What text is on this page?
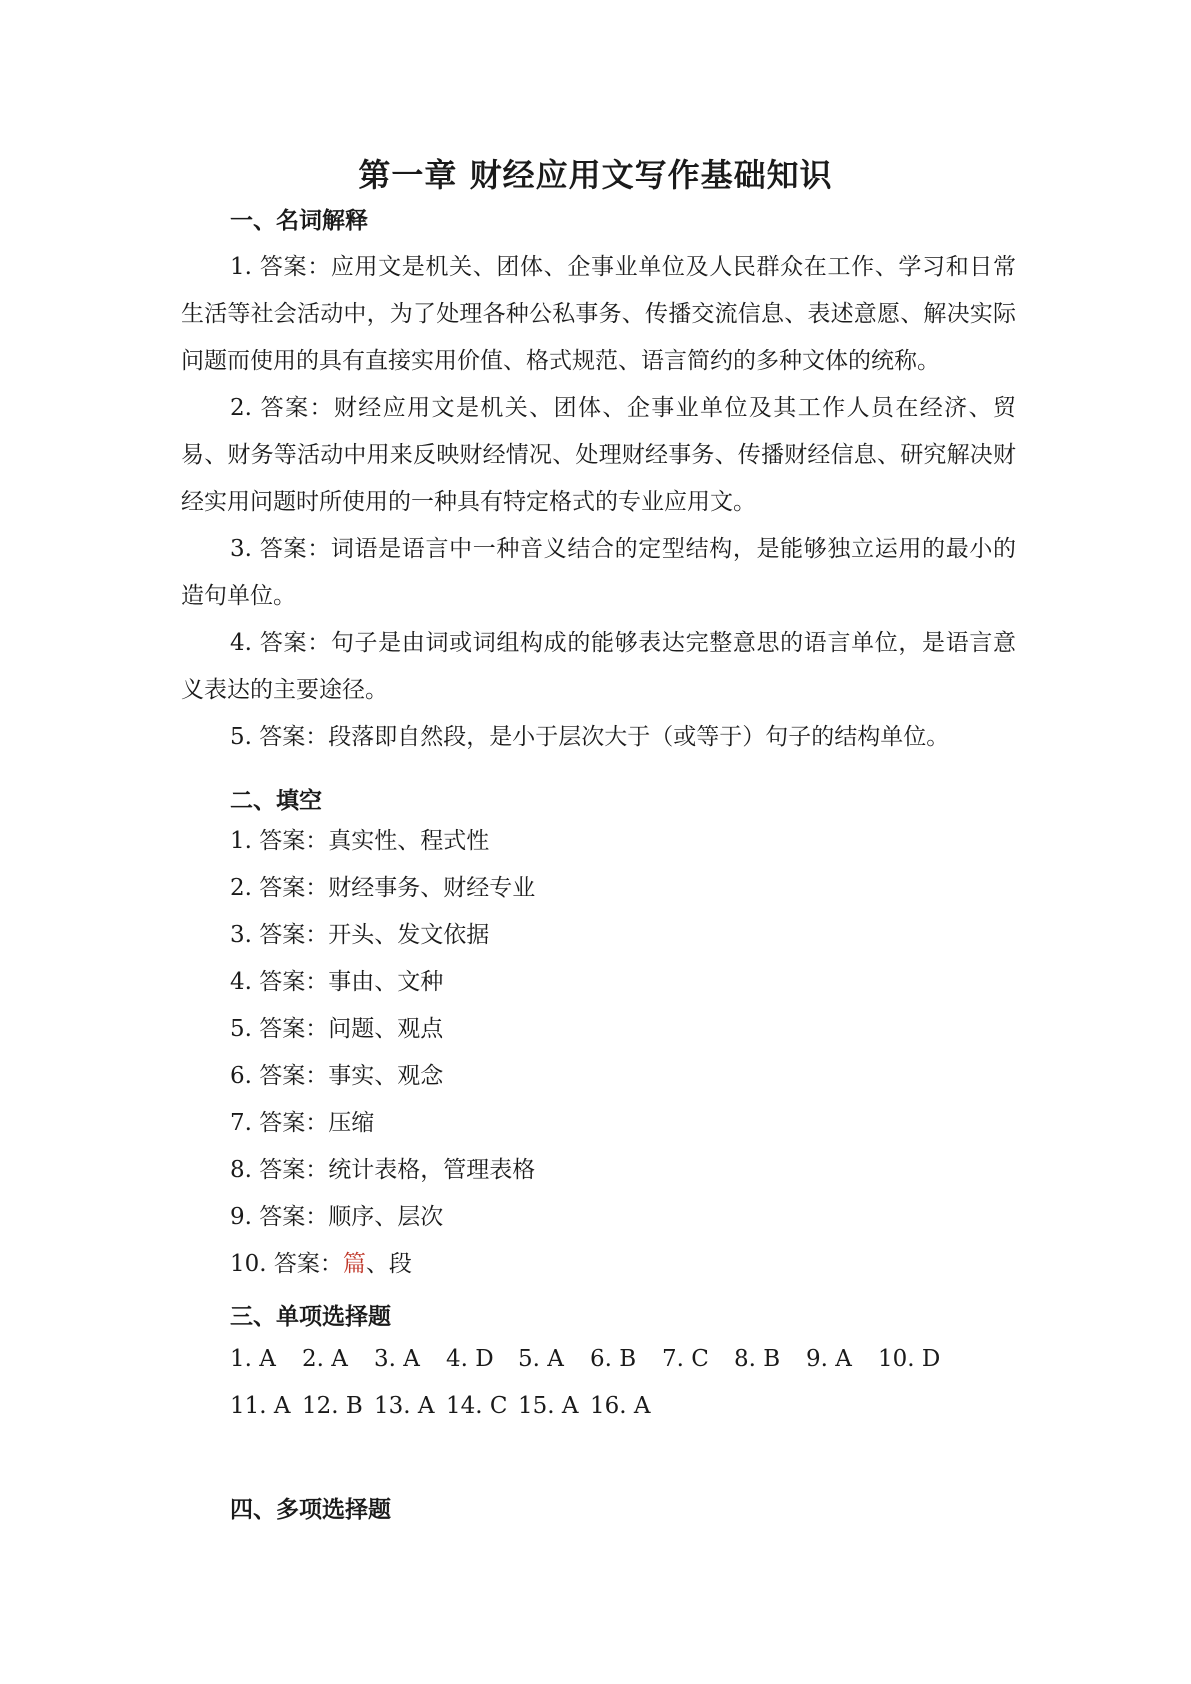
第一章 财经应用文写作基础知识
一、名词解释

1. 答案：应用文是机关、团体、企事业单位及人民群众在工作、学习和日常生活等社会活动中，为了处理各种公私事务、传播交流信息、表述意愿、解决实际问题而使用的具有直接实用价值、格式规范、语言简约的多种文体的统称。

2. 答案：财经应用文是机关、团体、企事业单位及其工作人员在经济、贸易、财务等活动中用来反映财经情况、处理财经事务、传播财经信息、研究解决财经实用问题时所使用的一种具有特定格式的专业应用文。

3. 答案：词语是语言中一种音义结合的定型结构，是能够独立运用的最小的造句单位。

4. 答案：句子是由词或词组构成的能够表达完整意思的语言单位，是语言意义表达的主要途径。

5. 答案：段落即自然段，是小于层次大于（或等于）句子的结构单位。

二、填空

1. 答案：真实性、程式性

2. 答案：财经事务、财经专业

3. 答案：开头、发文依据

4. 答案：事由、文种

5. 答案：问题、观点

6. 答案：事实、观念

7. 答案：压缩

8. 答案：统计表格，管理表格

9. 答案：顺序、层次

10. 答案：篇、段

三、单项选择题
1. A 2. A 3. A 4. D 5. A 6. B 7. C 8. B 9. A 10. D
11. A 12. B 13. A 14. C 15. A 16. A
四、多项选择题
